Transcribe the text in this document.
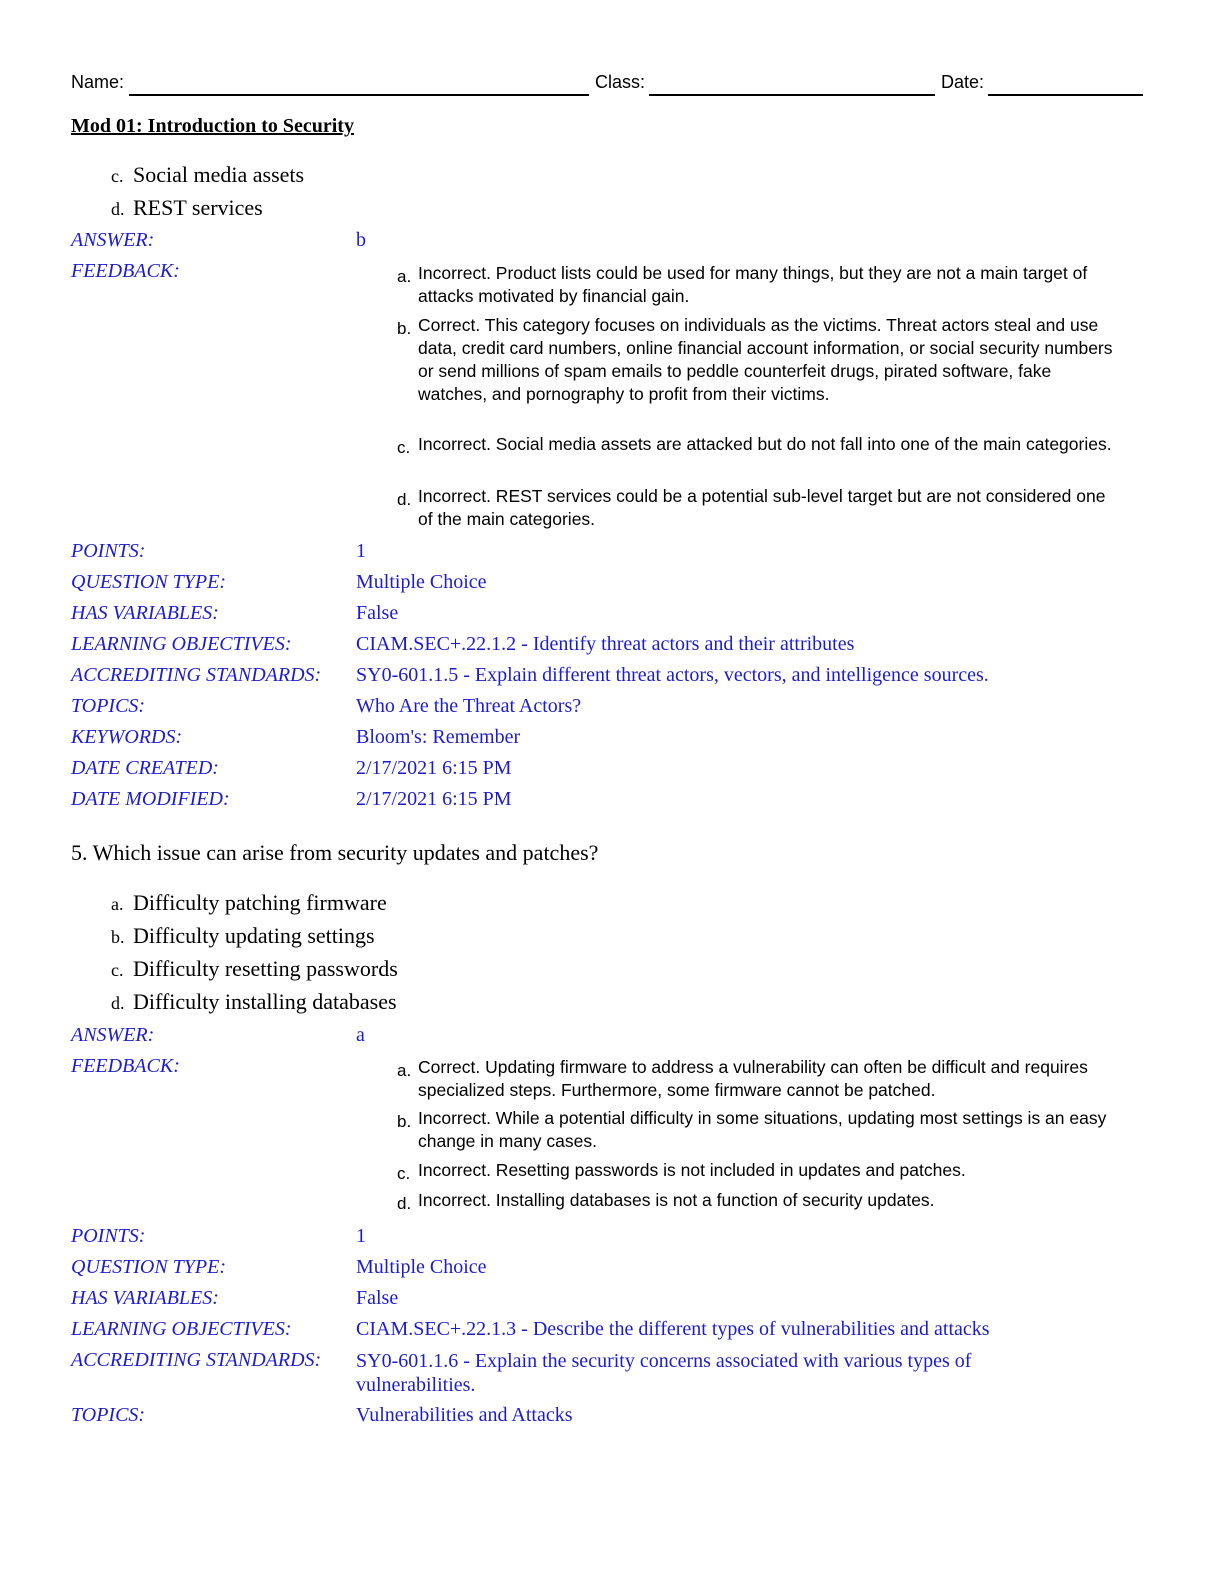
Name:	Class:	Date:
Mod 01: Introduction to Security
c. Social media assets
d. REST services
ANSWER:	b
FEEDBACK:	a. Incorrect. Product lists could be used for many things, but they are not a main target of attacks motivated by financial gain.
b. Correct. This category focuses on individuals as the victims. Threat actors steal and use data, credit card numbers, online financial account information, or social security numbers or send millions of spam emails to peddle counterfeit drugs, pirated software, fake watches, and pornography to profit from their victims.
c. Incorrect. Social media assets are attacked but do not fall into one of the main categories.
d. Incorrect. REST services could be a potential sub-level target but are not considered one of the main categories.
POINTS:	1
QUESTION TYPE:	Multiple Choice
HAS VARIABLES:	False
LEARNING OBJECTIVES:	CIAM.SEC+.22.1.2 - Identify threat actors and their attributes
ACCREDITING STANDARDS: SY0-601.1.5 - Explain different threat actors, vectors, and intelligence sources.
TOPICS:	Who Are the Threat Actors?
KEYWORDS:	Bloom's: Remember
DATE CREATED:	2/17/2021 6:15 PM
DATE MODIFIED:	2/17/2021 6:15 PM
5. Which issue can arise from security updates and patches?
a. Difficulty patching firmware
b. Difficulty updating settings
c. Difficulty resetting passwords
d. Difficulty installing databases
ANSWER:	a
FEEDBACK:	a. Correct. Updating firmware to address a vulnerability can often be difficult and requires specialized steps. Furthermore, some firmware cannot be patched.
b. Incorrect. While a potential difficulty in some situations, updating most settings is an easy change in many cases.
c. Incorrect. Resetting passwords is not included in updates and patches.
d. Incorrect. Installing databases is not a function of security updates.
POINTS:	1
QUESTION TYPE:	Multiple Choice
HAS VARIABLES:	False
LEARNING OBJECTIVES:	CIAM.SEC+.22.1.3 - Describe the different types of vulnerabilities and attacks
ACCREDITING STANDARDS: SY0-601.1.6 - Explain the security concerns associated with various types of vulnerabilities.
TOPICS:	Vulnerabilities and Attacks
